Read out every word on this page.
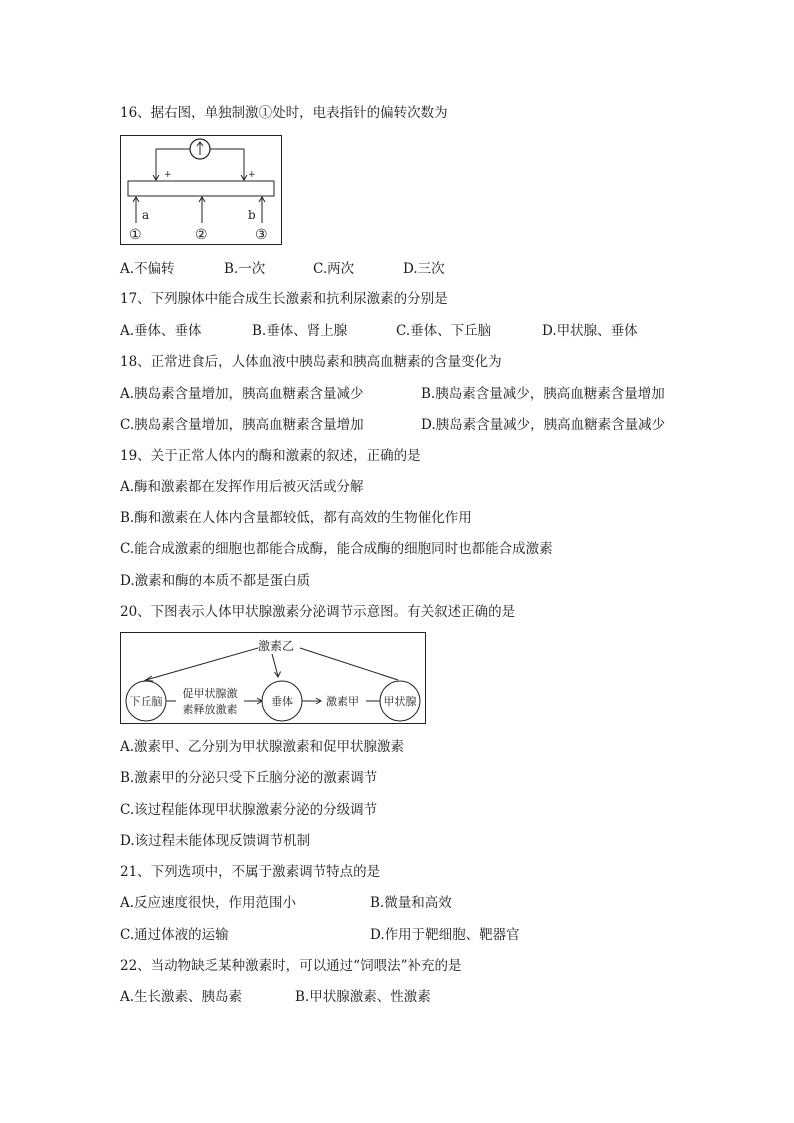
16、据右图，单独制激①处时，电表指针的偏转次数为
+	+
a	b
①	②	③
A.不偏转	B.一次	C.两次	D.三次
17、下列腺体中能合成生长激素和抗利尿激素的分别是
A.垂体、垂体	B.垂体、肾上腺	C.垂体、下丘脑	D.甲状腺、垂体
18、正常进食后，人体血液中胰岛素和胰高血糖素的含量变化为
A.胰岛素含量增加，胰高血糖素含量减少	B.胰岛素含量减少，胰高血糖素含量增加
C.胰岛素含量增加，胰高血糖素含量增加	D.胰岛素含量减少，胰高血糖素含量减少
19、关于正常人体内的酶和激素的叙述，正确的是
A.酶和激素都在发挥作用后被灭活或分解
B.酶和激素在人体内含量都较低，都有高效的生物催化作用
C.能合成激素的细胞也都能合成酶，能合成酶的细胞同时也都能合成激素
D.激素和酶的本质不都是蛋白质
20、下图表示人体甲状腺激素分泌调节示意图。有关叙述正确的是
激素乙
下丘脑	垂体	甲状腺
促甲状腺激
素释放激素
激素甲
A.激素甲、乙分别为甲状腺激素和促甲状腺激素
B.激素甲的分泌只受下丘脑分泌的激素调节
C.该过程能体现甲状腺激素分泌的分级调节
D.该过程未能体现反馈调节机制
21、下列选项中，不属于激素调节特点的是
A.反应速度很快，作用范围小	B.微量和高效
C.通过体液的运输	D.作用于靶细胞、靶器官
22、当动物缺乏某种激素时，可以通过“饲喂法”补充的是
A.生长激素、胰岛素	B.甲状腺激素、性激素
